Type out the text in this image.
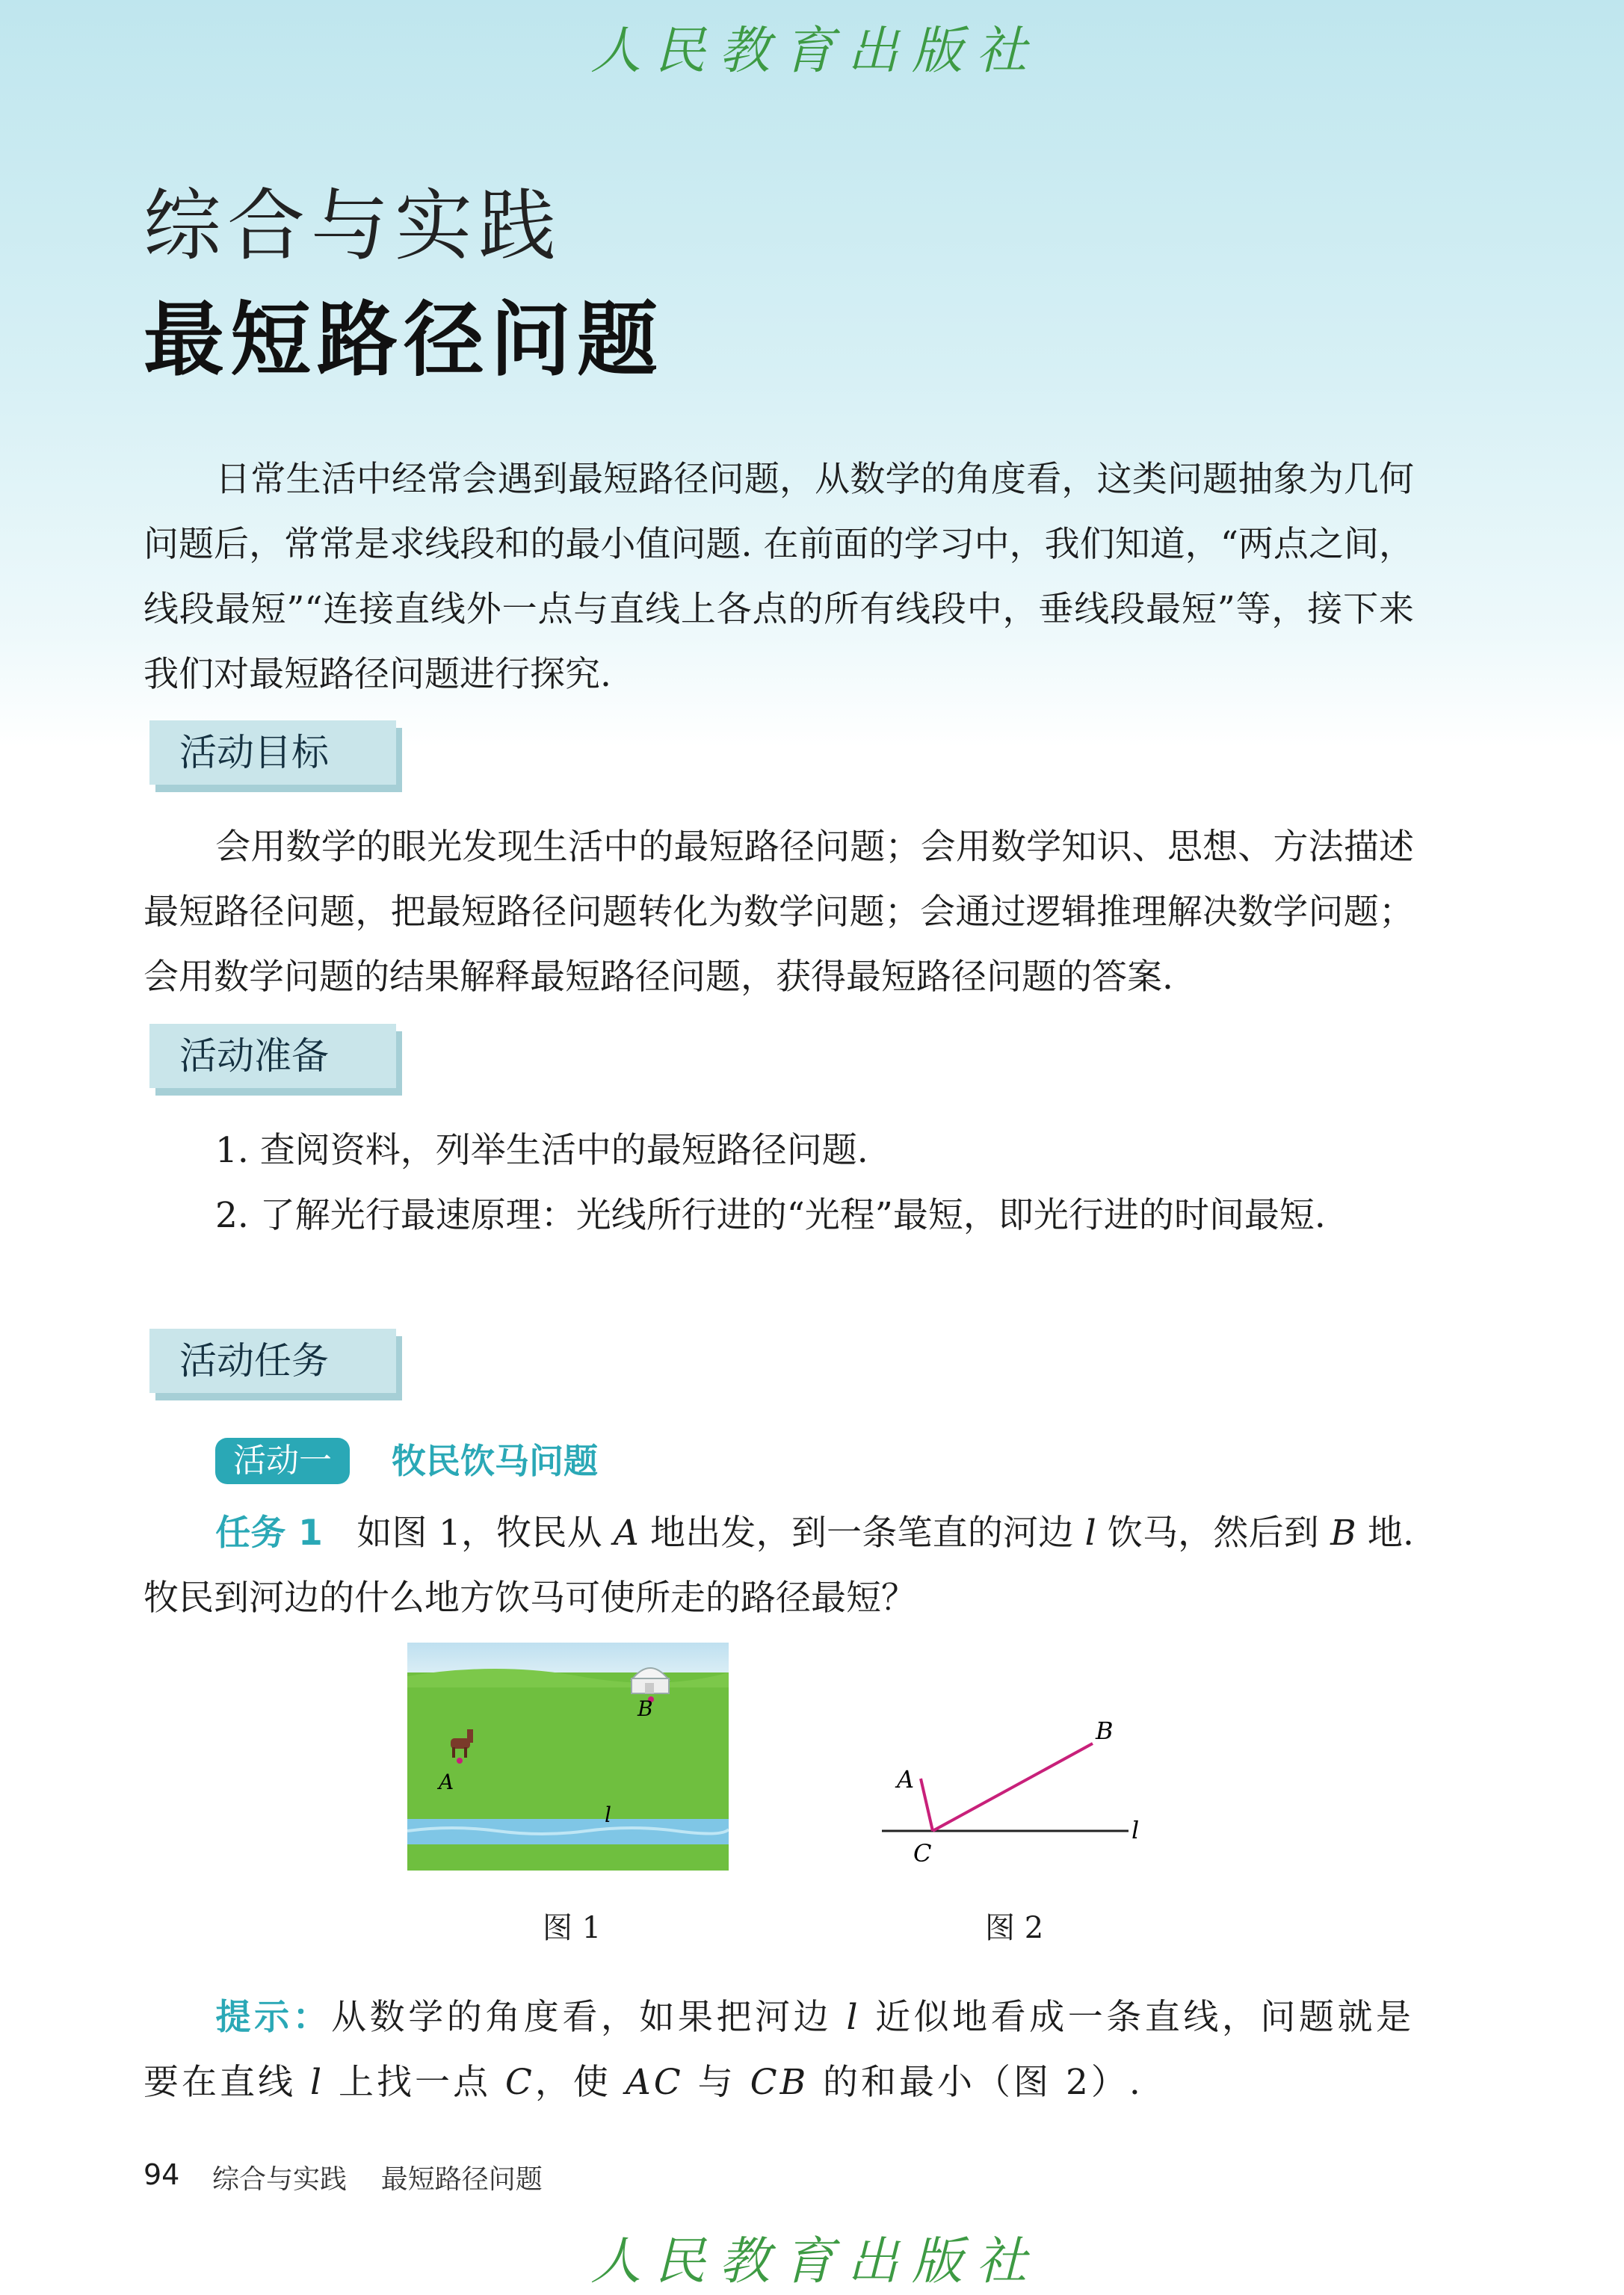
人民教育出版社
综合与实践
最短路径问题

日常生活中经常会遇到最短路径问题，从数学的角度看，这类问题抽象为几何问题后，常常是求线段和的最小值问题. 在前面的学习中，我们知道，“两点之间，线段最短”“连接直线外一点与直线上各点的所有线段中，垂线段最短”等，接下来我们对最短路径问题进行探究.

活动目标

会用数学的眼光发现生活中的最短路径问题；会用数学知识、思想、方法描述最短路径问题，把最短路径问题转化为数学问题；会通过逻辑推理解决数学问题；会用数学问题的结果解释最短路径问题，获得最短路径问题的答案.

活动准备

1. 查阅资料，列举生活中的最短路径问题.

2. 了解光行最速原理：光线所行进的“光程”最短，即光行进的时间最短.

活动任务
活动一	牧民饮马问题

任务 1 如图 1，牧民从 A 地出发，到一条笔直的河边 l 饮马，然后到 B 地. 牧民到河边的什么地方饮马可使所走的路径最短？

B
A
l
B
A
C
l
图 1	图 2

提示：从数学的角度看，如果把河边 l 近似地看成一条直线，问题就是要在直线 l 上找一点 C，使 AC 与 CB 的和最小（图 2）.

94 综合与实践    最短路径问题
人民教育出版社
